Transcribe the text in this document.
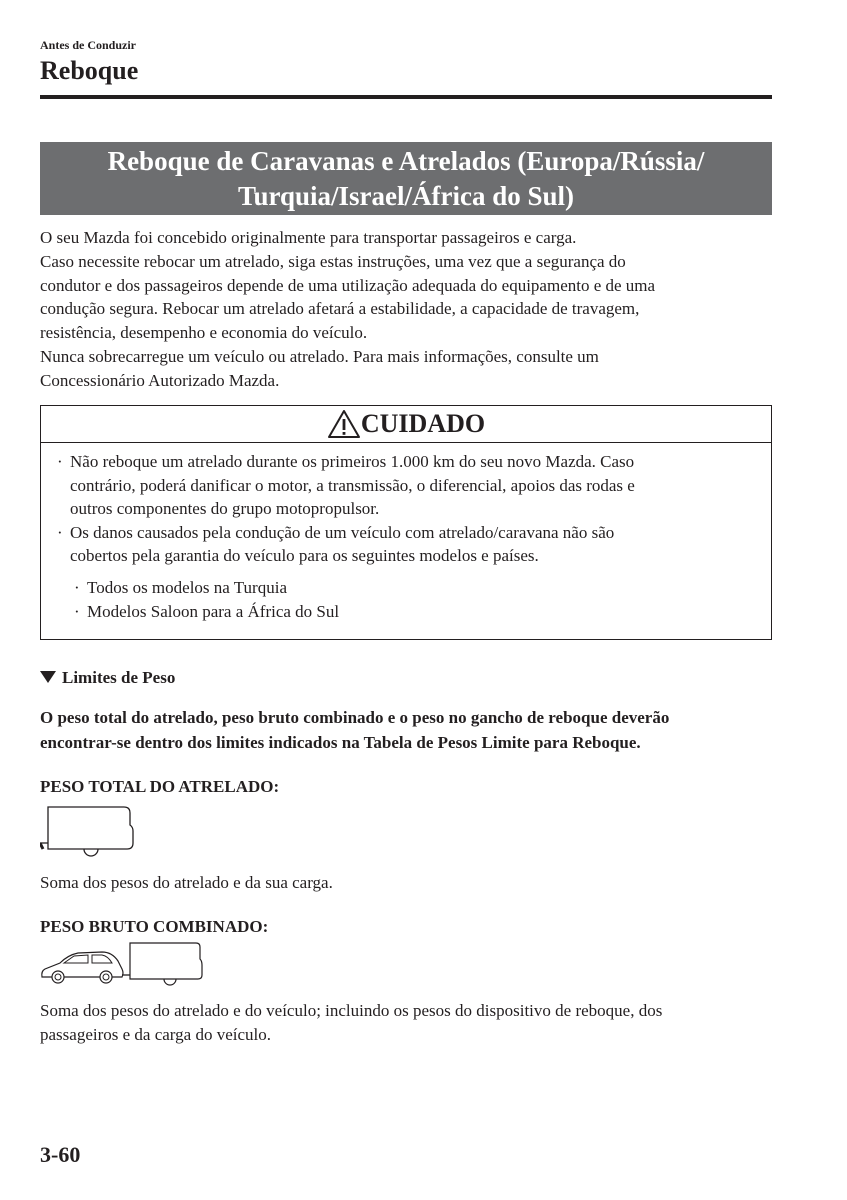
Antes de Conduzir
Reboque
Reboque de Caravanas e Atrelados (Europa/Rússia/
Turquia/Israel/África do Sul)

O seu Mazda foi concebido originalmente para transportar passageiros e carga.

Caso necessite rebocar um atrelado, siga estas instruções, uma vez que a segurança do

condutor e dos passageiros depende de uma utilização adequada do equipamento e de uma

condução segura. Rebocar um atrelado afetará a estabilidade, a capacidade de travagem,

resistência, desempenho e economia do veículo.

Nunca sobrecarregue um veículo ou atrelado. Para mais informações, consulte um

Concessionário Autorizado Mazda.

CUIDADO
· Não reboque um atrelado durante os primeiros 1.000 km do seu novo Mazda. Caso
contrário, poderá danificar o motor, a transmissão, o diferencial, apoios das rodas e
outros componentes do grupo motopropulsor.
· Os danos causados pela condução de um veículo com atrelado/caravana não são
cobertos pela garantia do veículo para os seguintes modelos e países.
· Todos os modelos na Turquia
· Modelos Saloon para a África do Sul
Limites de Peso

O peso total do atrelado, peso bruto combinado e o peso no gancho de reboque deverão

encontrar-se dentro dos limites indicados na Tabela de Pesos Limite para Reboque.

PESO TOTAL DO ATRELADO:

Soma dos pesos do atrelado e da sua carga.

PESO BRUTO COMBINADO:

Soma dos pesos do atrelado e do veículo; incluindo os pesos do dispositivo de reboque, dos

passageiros e da carga do veículo.

3-60
